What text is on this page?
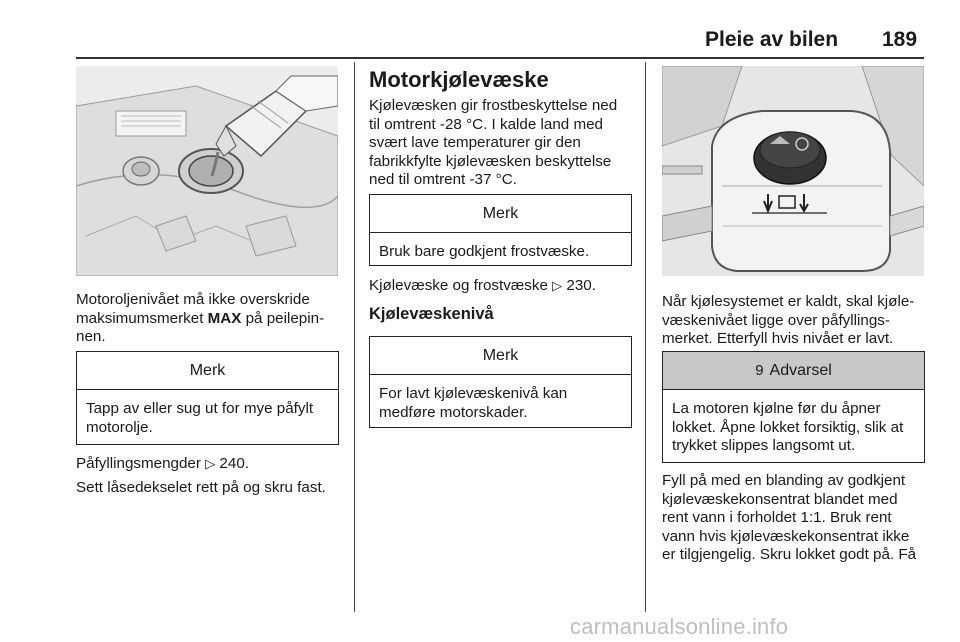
Pleie av bilen 189
Motoroljenivået må ikke overskride
maksimumsmerket MAX på peilepin-
nen.
Merk
Tapp av eller sug ut for mye påfylt
motorolje.
Påfyllingsmengder ▷ 240.
Sett låsedekselet rett på og skru fast.
Motorkjølevæske
Kjølevæsken gir frostbeskyttelse ned
til omtrent -28 °C. I kalde land med
svært lave temperaturer gir den
fabrikkfylte kjølevæsken beskyttelse
ned til omtrent -37 °C.
Merk
Bruk bare godkjent frostvæske.
Kjølevæske og frostvæske ▷ 230.
Kjølevæskenivå
Merk
For lavt kjølevæskenivå kan
medføre motorskader.
Når kjølesystemet er kaldt, skal kjøle-
væskenivået ligge over påfyllings-
merket. Etterfyll hvis nivået er lavt.
9 Advarsel
La motoren kjølne før du åpner
lokket. Åpne lokket forsiktig, slik at
trykket slippes langsomt ut.
Fyll på med en blanding av godkjent
kjølevæskekonsentrat blandet med
rent vann i forholdet 1:1. Bruk rent
vann hvis kjølevæskekonsentrat ikke
er tilgjengelig. Skru lokket godt på. Få
carmanualsonline.info
